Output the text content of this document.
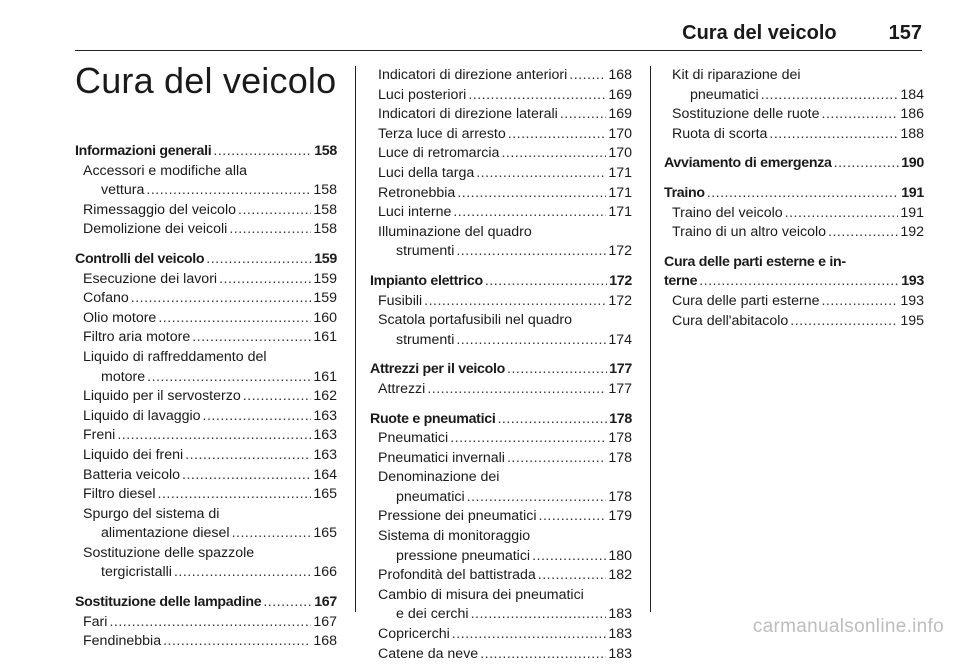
Cura del veicolo	157
Cura del veicolo
Informazioni generali .....	158
Accessori e modifiche alla
vettura .....	158
Rimessaggio del veicolo .....	158
Demolizione dei veicoli .....	158
Controlli del veicolo .....	159
Esecuzione dei lavori .....	159
Cofano .....	159
Olio motore .....	160
Filtro aria motore .....	161
Liquido di raffreddamento del
motore .....	161
Liquido per il servosterzo .....	162
Liquido di lavaggio .....	163
Freni .....	163
Liquido dei freni .....	163
Batteria veicolo .....	164
Filtro diesel .....	165
Spurgo del sistema di
alimentazione diesel .....	165
Sostituzione delle spazzole
tergicristalli .....	166
Sostituzione delle lampadine .....	167
Fari .....	167
Fendinebbia .....	168
Indicatori di direzione anteriori .....	168
Luci posteriori .....	169
Indicatori di direzione laterali .....	169
Terza luce di arresto .....	170
Luce di retromarcia .....	170
Luci della targa .....	171
Retronebbia .....	171
Luci interne .....	171
Illuminazione del quadro
strumenti .....	172
Impianto elettrico .....	172
Fusibili .....	172
Scatola portafusibili nel quadro
strumenti .....	174
Attrezzi per il veicolo .....	177
Attrezzi .....	177
Ruote e pneumatici .....	178
Pneumatici .....	178
Pneumatici invernali .....	178
Denominazione dei
pneumatici .....	178
Pressione dei pneumatici .....	179
Sistema di monitoraggio
pressione pneumatici .....	180
Profondità del battistrada .....	182
Cambio di misura dei pneumatici
e dei cerchi .....	183
Copricerchi .....	183
Catene da neve .....	183
Kit di riparazione dei
pneumatici .....	184
Sostituzione delle ruote .....	186
Ruota di scorta .....	188
Avviamento di emergenza .....	190
Traino .....	191
Traino del veicolo .....	191
Traino di un altro veicolo .....	192
Cura delle parti esterne e in-
terne .....	193
Cura delle parti esterne .....	193
Cura dell'abitacolo .....	195
carmanualsonline.info
